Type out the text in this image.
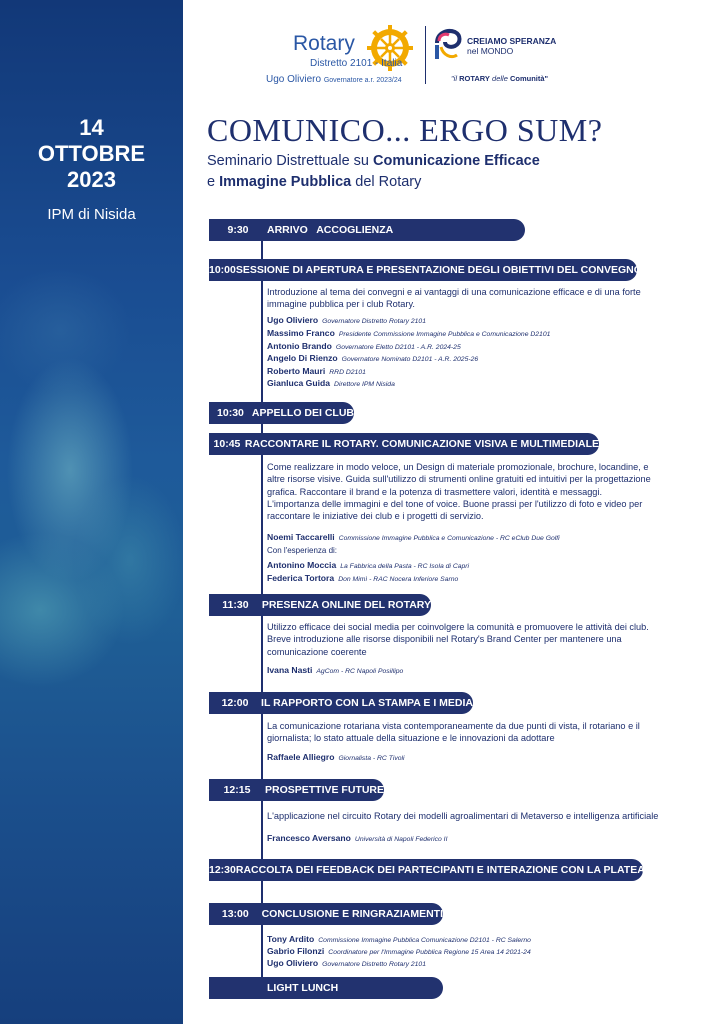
14
OTTOBRE
2023
IPM di Nisida
Rotary
Distretto 2101 - Italia
Ugo Oliviero Governatore a.r. 2023/24
CREIAMO SPERANZA
nel MONDO
"il ROTARY delle Comunità"
COMUNICO... ERGO SUM?
Seminario Distrettuale su Comunicazione Efficace
e Immagine Pubblica del Rotary
9:30	ARRIVO   ACCOGLIENZA
10:00 SESSIONE DI APERTURA E PRESENTAZIONE DEGLI OBIETTIVI DEL CONVEGNO
Introduzione al tema dei convegni e ai vantaggi di una comunicazione efficace e di una forte immagine pubblica per i club Rotary.
Ugo Oliviero Governatore Distretto Rotary 2101
Massimo Franco Presidente Commissione Immagine Pubblica e Comunicazione D2101
Antonio Brando Governatore Eletto D2101 - A.R. 2024-25
Angelo Di Rienzo Governatore Nominato D2101 - A.R. 2025-26
Roberto Mauri RRD D2101
Gianluca Guida Direttore IPM Nisida
10:30 APPELLO DEI CLUB
10:45 RACCONTARE IL ROTARY. COMUNICAZIONE VISIVA E MULTIMEDIALE
Come realizzare in modo veloce, un Design di materiale promozionale, brochure, locandine, e altre risorse visive. Guida sull'utilizzo di strumenti online gratuiti ed intuitivi per la progettazione grafica. Raccontare il brand e la potenza di trasmettere valori, identità e messaggi. L'importanza delle immagini e del tone of voice. Buone prassi per l'utilizzo di foto e video per raccontare le iniziative dei club e i progetti di servizio.
Noemi Taccarelli Commissione Immagine Pubblica e Comunicazione - RC eClub Due Golfi
Con l'esperienza di:
Antonino Moccia La Fabbrica della Pasta - RC Isola di Capri
Federica Tortora Don Mimì - RAC Nocera Inferiore Sarno
11:30	PRESENZA ONLINE DEL ROTARY
Utilizzo efficace dei social media per coinvolgere la comunità e promuovere le attività dei club. Breve introduzione alle risorse disponibili nel Rotary's Brand Center per mantenere una comunicazione coerente
Ivana Nasti AgCom - RC Napoli Posillipo
12:00	IL RAPPORTO CON LA STAMPA E I MEDIA
La comunicazione rotariana vista contemporaneamente da due punti di vista, il rotariano e il giornalista; lo stato attuale della situazione e le innovazioni da adottare
Raffaele Alliegro Giornalista - RC Tivoli
12:15	PROSPETTIVE FUTURE
L'applicazione nel circuito Rotary dei modelli agroalimentari di Metaverso e intelligenza artificiale
Francesco Aversano Università di Napoli Federico II
12:30 RACCOLTA DEI FEEDBACK DEI PARTECIPANTI E INTERAZIONE CON LA PLATEA
13:00	CONCLUSIONE E RINGRAZIAMENTI
Tony Ardito Commissione Immagine Pubblica Comunicazione D2101 - RC Salerno
Gabrio Filonzi Coordinatore per l'Immagine Pubblica Regione 15 Area 14 2021-24
Ugo Oliviero Governatore Distretto Rotary 2101
LIGHT LUNCH
